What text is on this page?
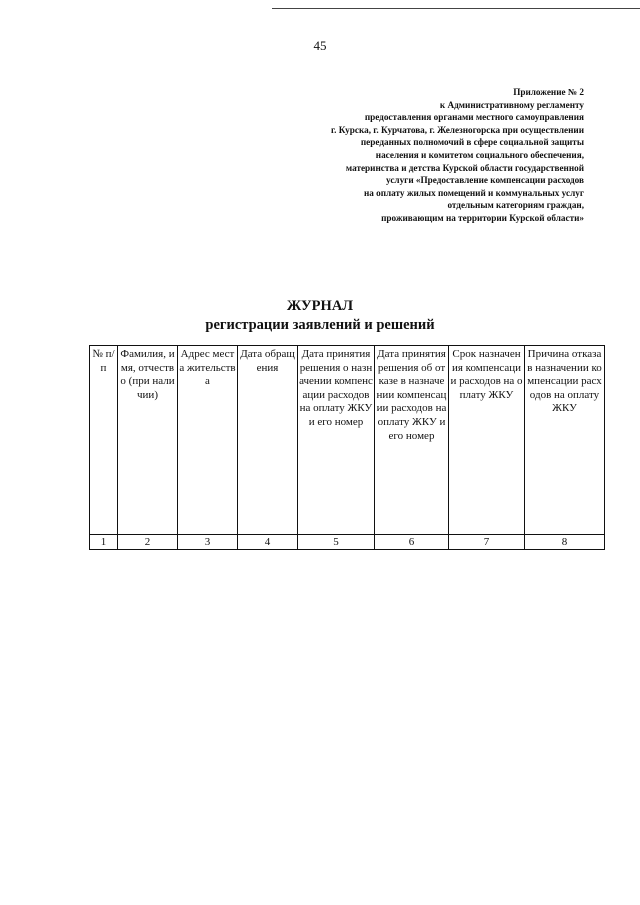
45
Приложение № 2
к Административному регламенту
предоставления органами местного самоуправления
г. Курска, г. Курчатова, г. Железногорска при осуществлении
переданных полномочий в сфере социальной защиты
населения и комитетом социального обеспечения,
материнства и детства Курской области государственной
услуги «Предоставление компенсации расходов
на оплату жилых помещений и коммунальных услуг
отдельным категориям граждан,
проживающим на территории Курской области»
ЖУРНАЛ
регистрации заявлений и решений
№ п/п	Фамилия, имя, отчество (при наличии)	Адрес места жительства	Дата обращения	Дата принятия решения о назначении компенсации расходов на оплату ЖКУ и его номер	Дата принятия решения об отказе в назначении компенсации расходов на оплату ЖКУ и его номер	Срок назначения компенсации расходов на оплату ЖКУ	Причина отказа в назначении компенсации расходов на оплату ЖКУ
1	2	3	4	5	6	7	8
